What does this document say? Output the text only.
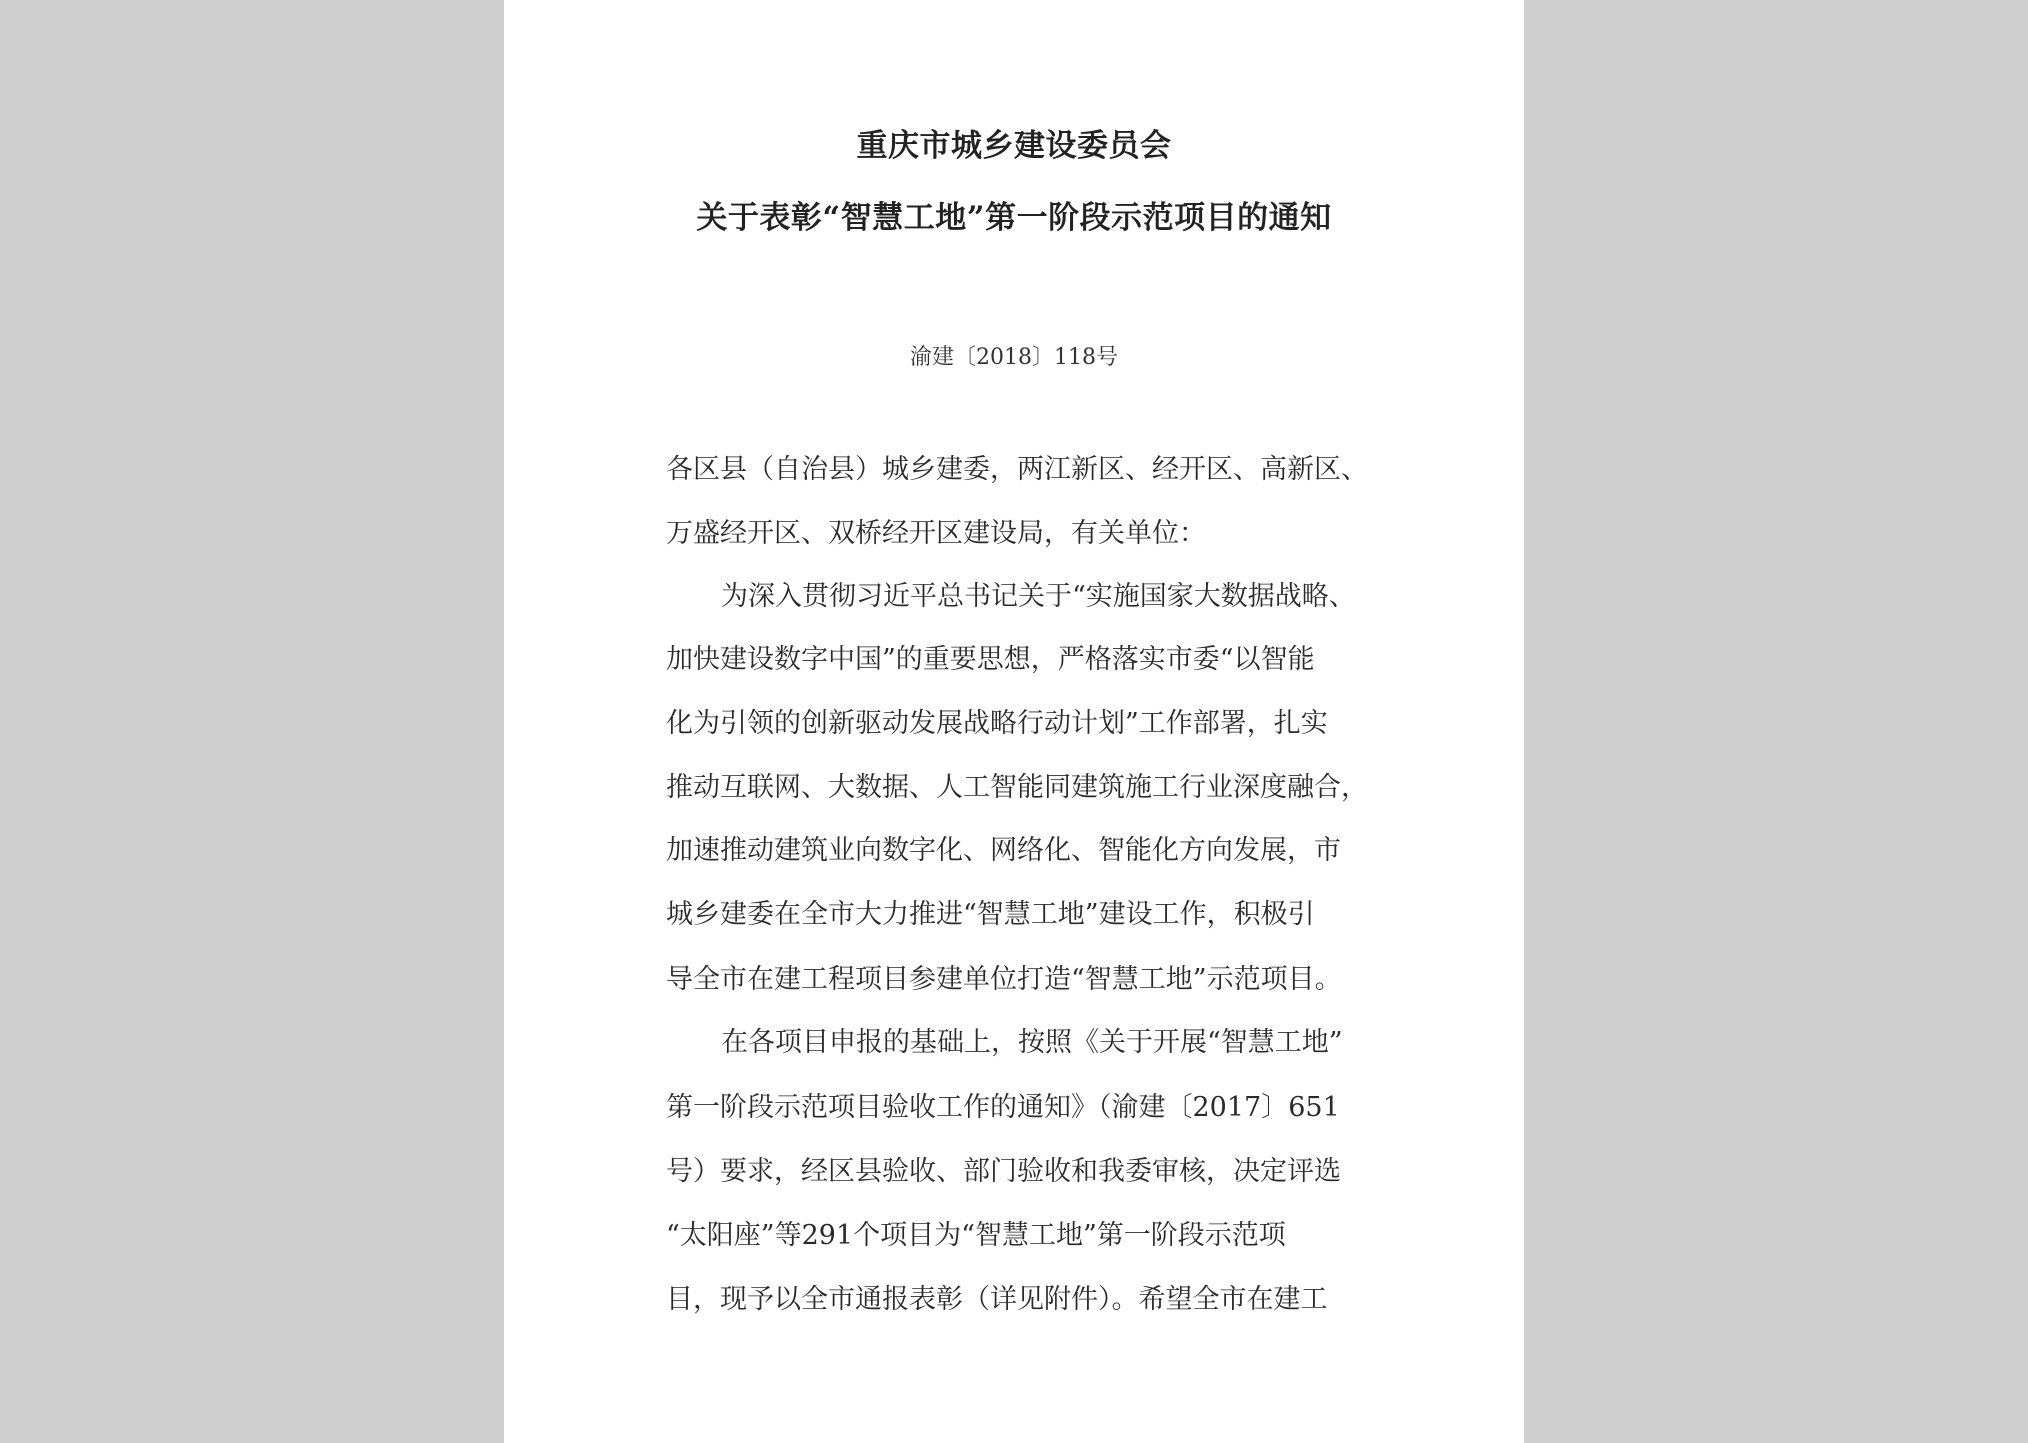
重庆市城乡建设委员会
关于表彰“智慧工地”第一阶段示范项目的通知
渝建〔2018〕118号
各区县（自治县）城乡建委，两江新区、经开区、高新区、
万盛经开区、双桥经开区建设局，有关单位：
为深入贯彻习近平总书记关于“实施国家大数据战略、
加快建设数字中国”的重要思想，严格落实市委“以智能
化为引领的创新驱动发展战略行动计划”工作部署，扎实
推动互联网、大数据、人工智能同建筑施工行业深度融合，
加速推动建筑业向数字化、网络化、智能化方向发展，市
城乡建委在全市大力推进“智慧工地”建设工作，积极引
导全市在建工程项目参建单位打造“智慧工地”示范项目。
在各项目申报的基础上，按照《关于开展“智慧工地”
第一阶段示范项目验收工作的通知》（渝建〔2017〕651
号）要求，经区县验收、部门验收和我委审核，决定评选
“太阳座”等291个项目为“智慧工地”第一阶段示范项
目，现予以全市通报表彰（详见附件）。希望全市在建工
